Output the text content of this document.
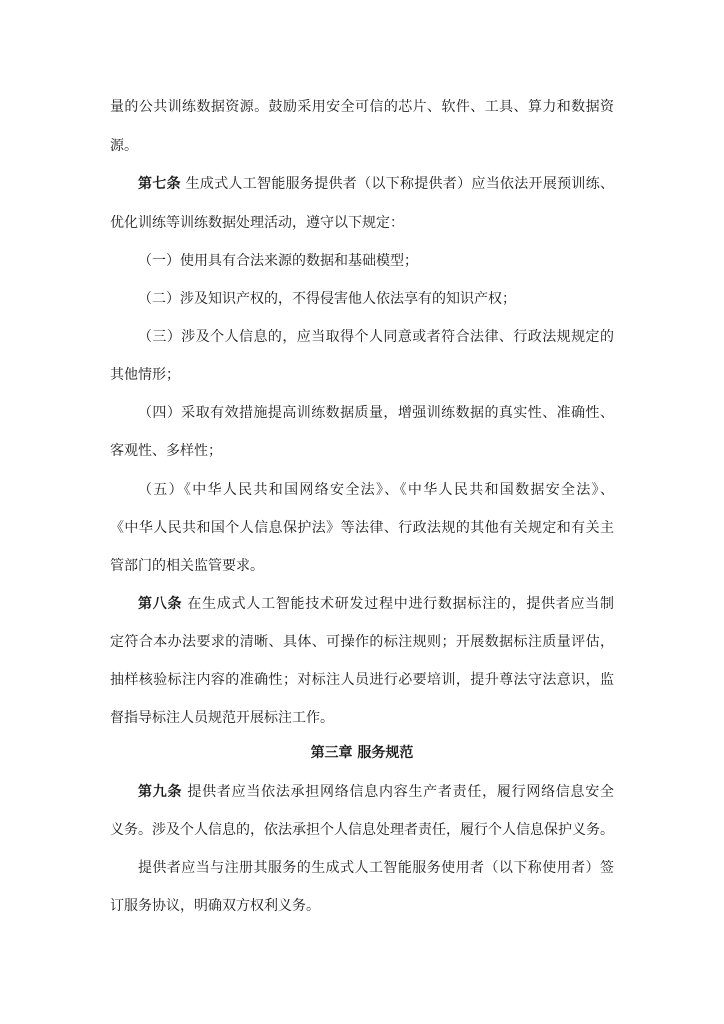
量的公共训练数据资源。鼓励采用安全可信的芯片、软件、工具、算力和数据资
源。
第七条 生成式人工智能服务提供者（以下称提供者）应当依法开展预训练、
优化训练等训练数据处理活动，遵守以下规定：
（一）使用具有合法来源的数据和基础模型；
（二）涉及知识产权的，不得侵害他人依法享有的知识产权；
（三）涉及个人信息的，应当取得个人同意或者符合法律、行政法规规定的
其他情形；
（四）采取有效措施提高训练数据质量，增强训练数据的真实性、准确性、
客观性、多样性；
（五）《中华人民共和国网络安全法》、《中华人民共和国数据安全法》、
《中华人民共和国个人信息保护法》等法律、行政法规的其他有关规定和有关主
管部门的相关监管要求。
第八条 在生成式人工智能技术研发过程中进行数据标注的，提供者应当制
定符合本办法要求的清晰、具体、可操作的标注规则；开展数据标注质量评估，
抽样核验标注内容的准确性；对标注人员进行必要培训，提升尊法守法意识，监
督指导标注人员规范开展标注工作。
第三章 服务规范
第九条 提供者应当依法承担网络信息内容生产者责任，履行网络信息安全
义务。涉及个人信息的，依法承担个人信息处理者责任，履行个人信息保护义务。
提供者应当与注册其服务的生成式人工智能服务使用者（以下称使用者）签
订服务协议，明确双方权利义务。
